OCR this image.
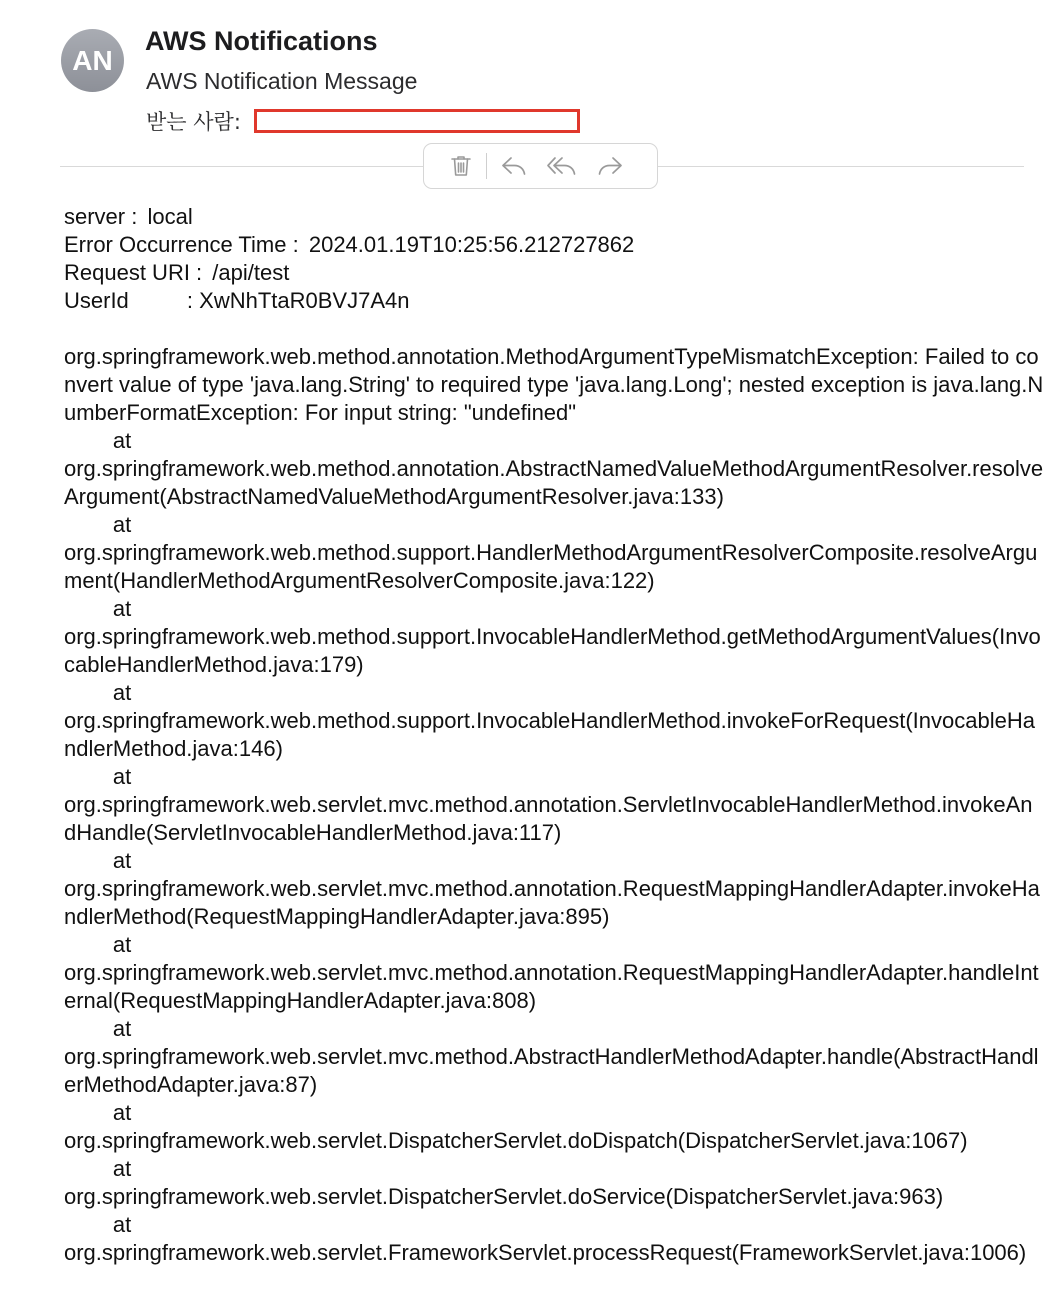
AN
AWS Notifications
AWS Notification Message
받는 사람:
server : local
Error Occurrence Time : 2024.01.19T10:25:56.212727862
Request URI : /api/test
UserId	: XwNhTtaR0BVJ7A4n
org.springframework.web.method.annotation.MethodArgumentTypeMismatchException: Failed to convert value of type 'java.lang.String' to required type 'java.lang.Long'; nested exception is java.lang.NumberFormatException: For input string: "undefined"
	at
org.springframework.web.method.annotation.AbstractNamedValueMethodArgumentResolver.resolveArgument(AbstractNamedValueMethodArgumentResolver.java:133)
	at
org.springframework.web.method.support.HandlerMethodArgumentResolverComposite.resolveArgument(HandlerMethodArgumentResolverComposite.java:122)
	at
org.springframework.web.method.support.InvocableHandlerMethod.getMethodArgumentValues(InvocableHandlerMethod.java:179)
	at
org.springframework.web.method.support.InvocableHandlerMethod.invokeForRequest(InvocableHandlerMethod.java:146)
	at
org.springframework.web.servlet.mvc.method.annotation.ServletInvocableHandlerMethod.invokeAndHandle(ServletInvocableHandlerMethod.java:117)
	at
org.springframework.web.servlet.mvc.method.annotation.RequestMappingHandlerAdapter.invokeHandlerMethod(RequestMappingHandlerAdapter.java:895)
	at
org.springframework.web.servlet.mvc.method.annotation.RequestMappingHandlerAdapter.handleInternal(RequestMappingHandlerAdapter.java:808)
	at
org.springframework.web.servlet.mvc.method.AbstractHandlerMethodAdapter.handle(AbstractHandlerMethodAdapter.java:87)
	at
org.springframework.web.servlet.DispatcherServlet.doDispatch(DispatcherServlet.java:1067)
	at
org.springframework.web.servlet.DispatcherServlet.doService(DispatcherServlet.java:963)
	at
org.springframework.web.servlet.FrameworkServlet.processRequest(FrameworkServlet.java:1006)
